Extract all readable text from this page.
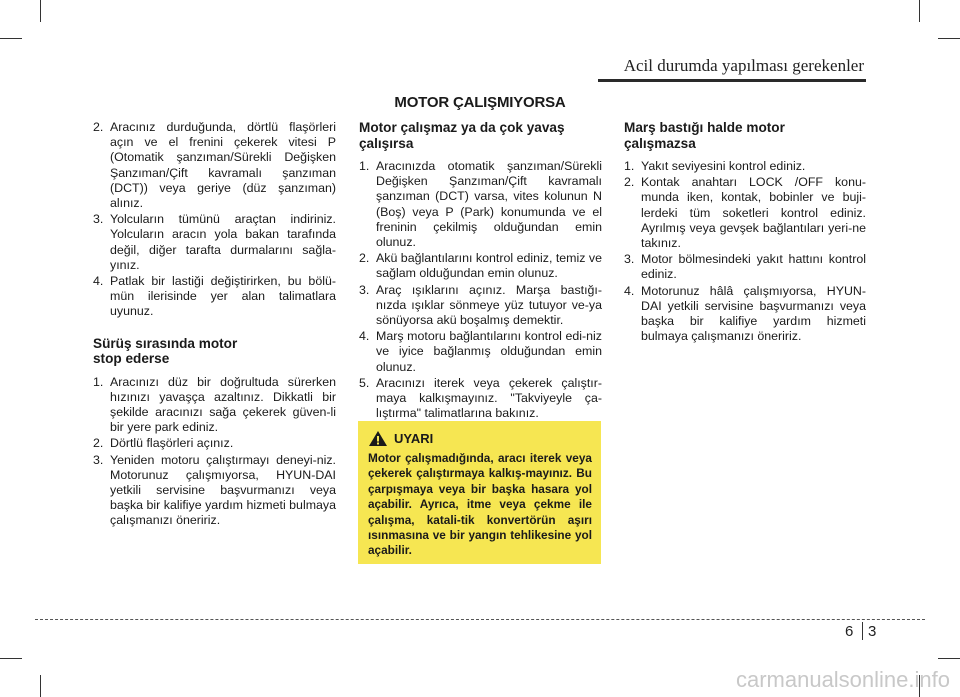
Acil durumda yapılması gerekenler
MOTOR ÇALIŞMIYORSA
2. Aracınız durduğunda, dörtlü flaşörleri açın ve el frenini çekerek vitesi P (Otomatik şanzıman/Sürekli Değişken Şanzıman/Çift kavramalı şanzıman (DCT)) veya geriye (düz şanzıman) alınız.
3. Yolcuların tümünü araçtan indiriniz. Yolcuların aracın yola bakan tarafında değil, diğer tarafta durmalarını sağla-yınız.
4. Patlak bir lastiği değiştirirken, bu bölü-mün ilerisinde yer alan talimatlara uyunuz.
Sürüş sırasında motor
stop ederse
1. Aracınızı düz bir doğrultuda sürerken hızınızı yavaşça azaltınız. Dikkatli bir şekilde aracınızı sağa çekerek güven-li bir yere park ediniz.
2. Dörtlü flaşörleri açınız.
3. Yeniden motoru çalıştırmayı deneyi-niz. Motorunuz çalışmıyorsa, HYUN-DAI yetkili servisine başvurmanızı veya başka bir kalifiye yardım hizmeti bulmaya çalışmanızı öneririz.
Motor çalışmaz ya da çok yavaş
çalışırsa
1. Aracınızda otomatik şanzıman/Sürekli Değişken Şanzıman/Çift kavramalı şanzıman (DCT) varsa, vites kolunun N (Boş) veya P (Park) konumunda ve el freninin çekilmiş olduğundan emin olunuz.
2. Akü bağlantılarını kontrol ediniz, temiz ve sağlam olduğundan emin olunuz.
3. Araç ışıklarını açınız. Marşa bastığı-nızda ışıklar sönmeye yüz tutuyor ve-ya sönüyorsa akü boşalmış demektir.
4. Marş motoru bağlantılarını kontrol edi-niz ve iyice bağlanmış olduğundan emin olunuz.
5. Aracınızı iterek veya çekerek çalıştır-maya kalkışmayınız. "Takviyeyle ça-lıştırma" talimatlarına bakınız.
UYARI
Motor çalışmadığında, aracı iterek veya çekerek çalıştırmaya kalkış-mayınız. Bu çarpışmaya veya bir başka hasara yol açabilir. Ayrıca, itme veya çekme ile çalışma, katali-tik konvertörün aşırı ısınmasına ve bir yangın tehlikesine yol açabilir.
Marş bastığı halde motor
çalışmazsa
1. Yakıt seviyesini kontrol ediniz.
2. Kontak anahtarı LOCK /OFF konu-munda iken, kontak, bobinler ve buji-lerdeki tüm soketleri kontrol ediniz. Ayrılmış veya gevşek bağlantıları yeri-ne takınız.
3. Motor bölmesindeki yakıt hattını kontrol ediniz.
4. Motorunuz hâlâ çalışmıyorsa, HYUN-DAI yetkili servisine başvurmanızı veya başka bir kalifiye yardım hizmeti bulmaya çalışmanızı öneririz.
6 3
carmanualsonline.info
